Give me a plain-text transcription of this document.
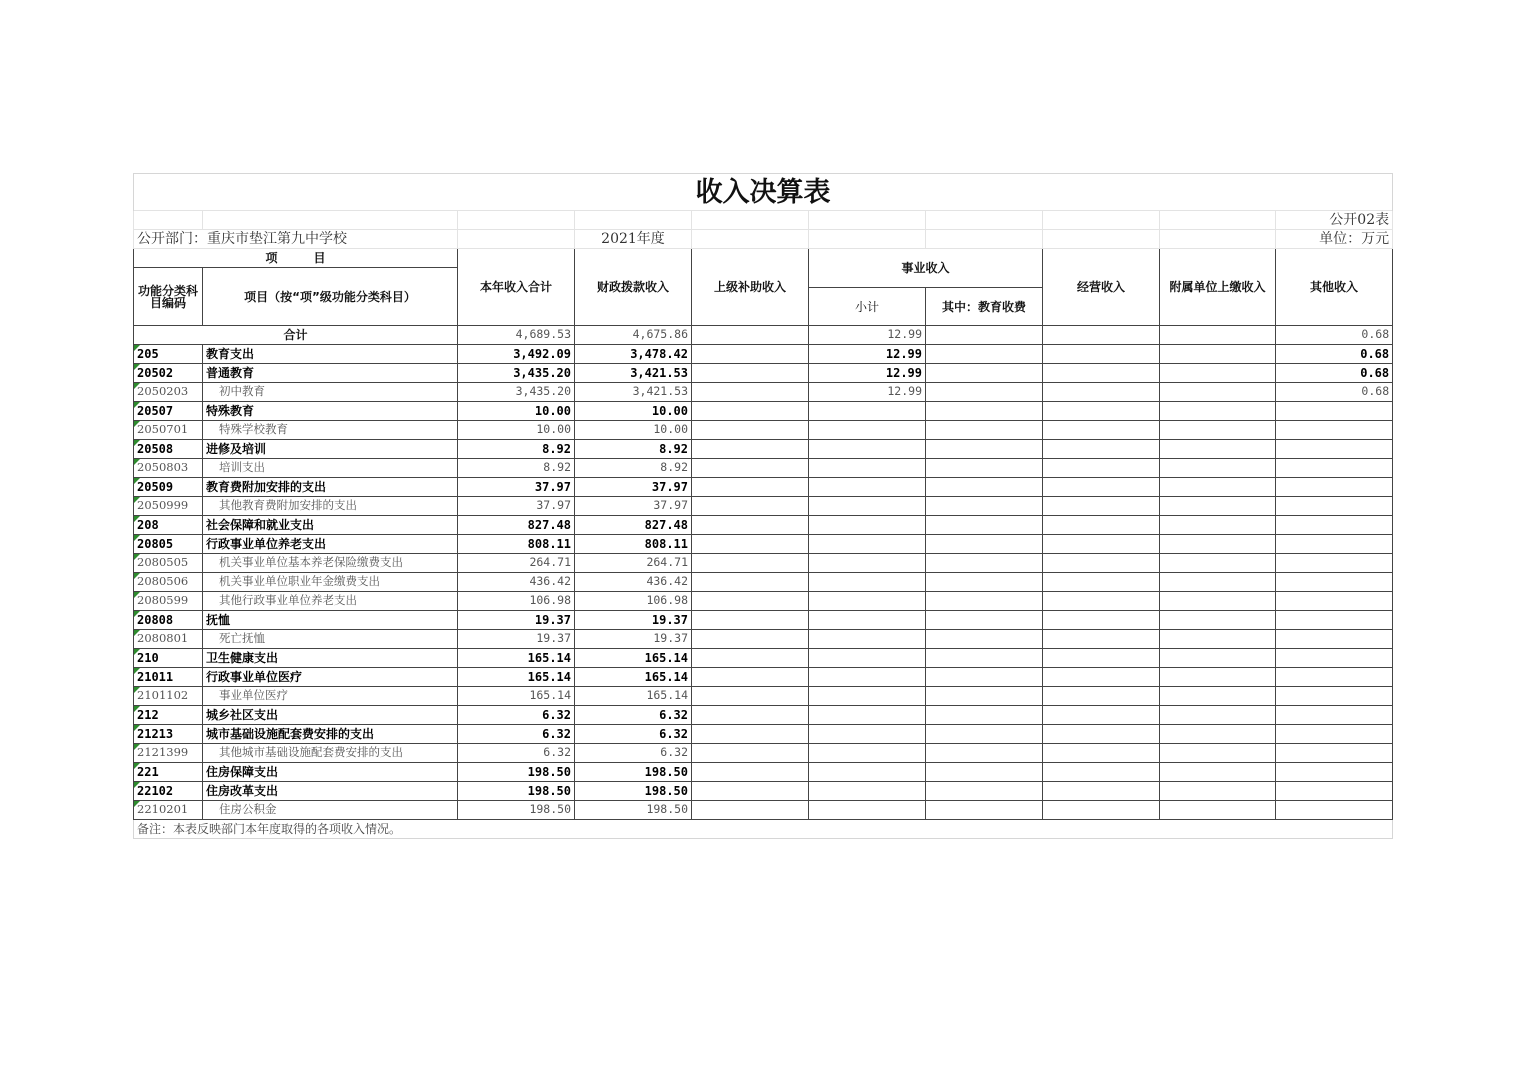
收入决算表									
									公开02表
公开部门：重庆市垫江第九中学校			2021年度						单位：万元
项　　　目		本年收入合计	财政拨款收入	上级补助收入	事业收入		经营收入	附属单位上缴收入	其他收入
功能分类科目编码	项目（按“项”级功能分类科目）								
					小计	其中：教育收费			
合计		4,689.53	4,675.86		12.99				0.68
205	教育支出	3,492.09	3,478.42		12.99				0.68
20502	普通教育	3,435.20	3,421.53		12.99				0.68
2050203	初中教育	3,435.20	3,421.53		12.99				0.68
20507	特殊教育	10.00	10.00						
2050701	特殊学校教育	10.00	10.00						
20508	进修及培训	8.92	8.92						
2050803	培训支出	8.92	8.92						
20509	教育费附加安排的支出	37.97	37.97						
2050999	其他教育费附加安排的支出	37.97	37.97						
208	社会保障和就业支出	827.48	827.48						
20805	行政事业单位养老支出	808.11	808.11						
2080505	机关事业单位基本养老保险缴费支出	264.71	264.71						
2080506	机关事业单位职业年金缴费支出	436.42	436.42						
2080599	其他行政事业单位养老支出	106.98	106.98						
20808	抚恤	19.37	19.37						
2080801	死亡抚恤	19.37	19.37						
210	卫生健康支出	165.14	165.14						
21011	行政事业单位医疗	165.14	165.14						
2101102	事业单位医疗	165.14	165.14						
212	城乡社区支出	6.32	6.32						
21213	城市基础设施配套费安排的支出	6.32	6.32						
2121399	其他城市基础设施配套费安排的支出	6.32	6.32						
221	住房保障支出	198.50	198.50						
22102	住房改革支出	198.50	198.50						
2210201	住房公积金	198.50	198.50						
备注：本表反映部门本年度取得的各项收入情况。									
